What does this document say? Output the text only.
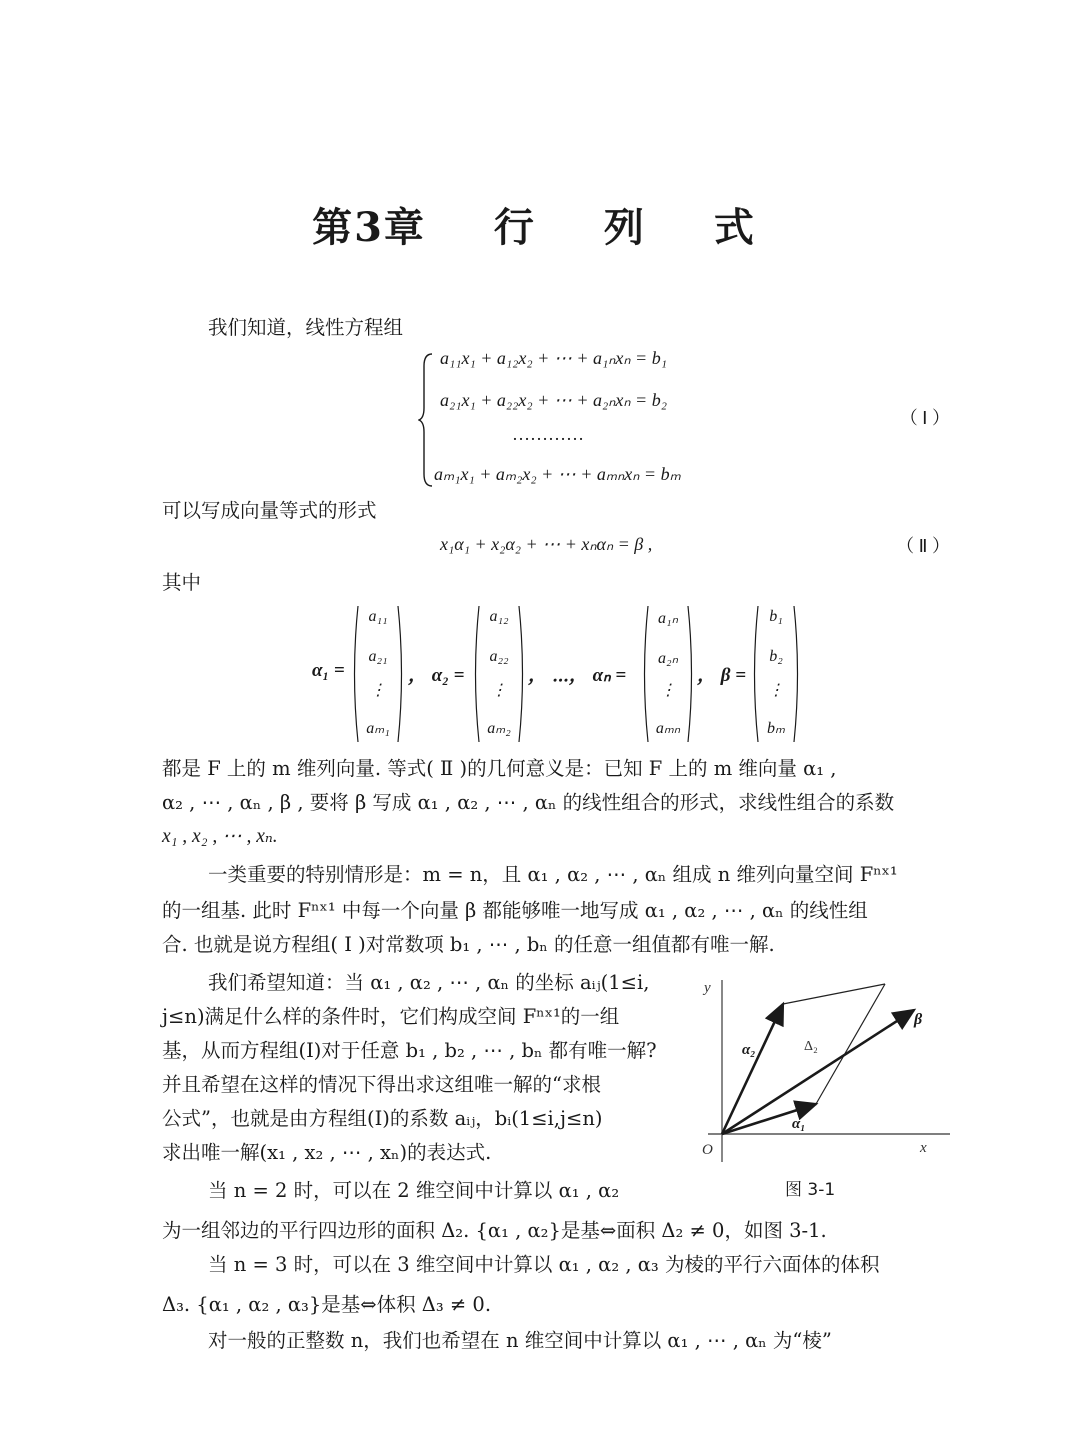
第3章 行 列 式
我们知道，线性方程组
a₁₁x₁ + a₁₂x₂ + ⋯ + a₁ₙxₙ = b₁
a₂₁x₁ + a₂₂x₂ + ⋯ + a₂ₙxₙ = b₂
…………
aₘ₁x₁ + aₘ₂x₂ + ⋯ + aₘₙxₙ = bₘ
（ Ⅰ ）
可以写成向量等式的形式
x₁α₁ + x₂α₂ + ⋯ + xₙαₙ = β ,	（ Ⅱ ）
其中
α₁ =
a₁₁
a₂₁
⋮
aₘ₁
， α₂ =
a₁₂
a₂₂
⋮
aₘ₂
， ⋯， αₙ =
a₁ₙ
a₂ₙ
⋮
aₘₙ
， β =
b₁
b₂
⋮
bₘ
都是 F 上的 m 维列向量. 等式( Ⅱ )的几何意义是：已知 F 上的 m 维向量 α₁ ,
α₂ , ⋯ , αₙ , β , 要将 β 写成 α₁ , α₂ , ⋯ , αₙ 的线性组合的形式，求线性组合的系数
x₁ , x₂ , ⋯ , xₙ.
一类重要的特别情形是：m = n，且 α₁ , α₂ , ⋯ , αₙ 组成 n 维列向量空间 Fⁿˣ¹
的一组基. 此时 Fⁿˣ¹ 中每一个向量 β 都能够唯一地写成 α₁ , α₂ , ⋯ , αₙ 的线性组
合. 也就是说方程组( Ⅰ )对常数项 b₁ , ⋯ , bₙ 的任意一组值都有唯一解.
我们希望知道：当 α₁ , α₂ , ⋯ , αₙ 的坐标 aᵢⱼ(1≤i,
j≤n)满足什么样的条件时，它们构成空间 Fⁿˣ¹的一组
基，从而方程组(Ⅰ)对于任意 b₁ , b₂ , ⋯ , bₙ 都有唯一解?
并且希望在这样的情况下得出求这组唯一解的“求根
公式”，也就是由方程组(Ⅰ)的系数 aᵢⱼ，bᵢ(1≤i,j≤n)
求出唯一解(x₁ , x₂ , ⋯ , xₙ)的表达式.
当 n = 2 时，可以在 2 维空间中计算以 α₁ , α₂
为一组邻边的平行四边形的面积 Δ₂. {α₁ , α₂}是基⇔面积 Δ₂ ≠ 0，如图 3-1.
当 n = 3 时，可以在 3 维空间中计算以 α₁ , α₂ , α₃ 为棱的平行六面体的体积
Δ₃. {α₁ , α₂ , α₃}是基⇔体积 Δ₃ ≠ 0.
对一般的正整数 n，我们也希望在 n 维空间中计算以 α₁ , ⋯ , αₙ 为“棱”
y
x
O
α₂
α₁
β
Δ₂
图 3-1
